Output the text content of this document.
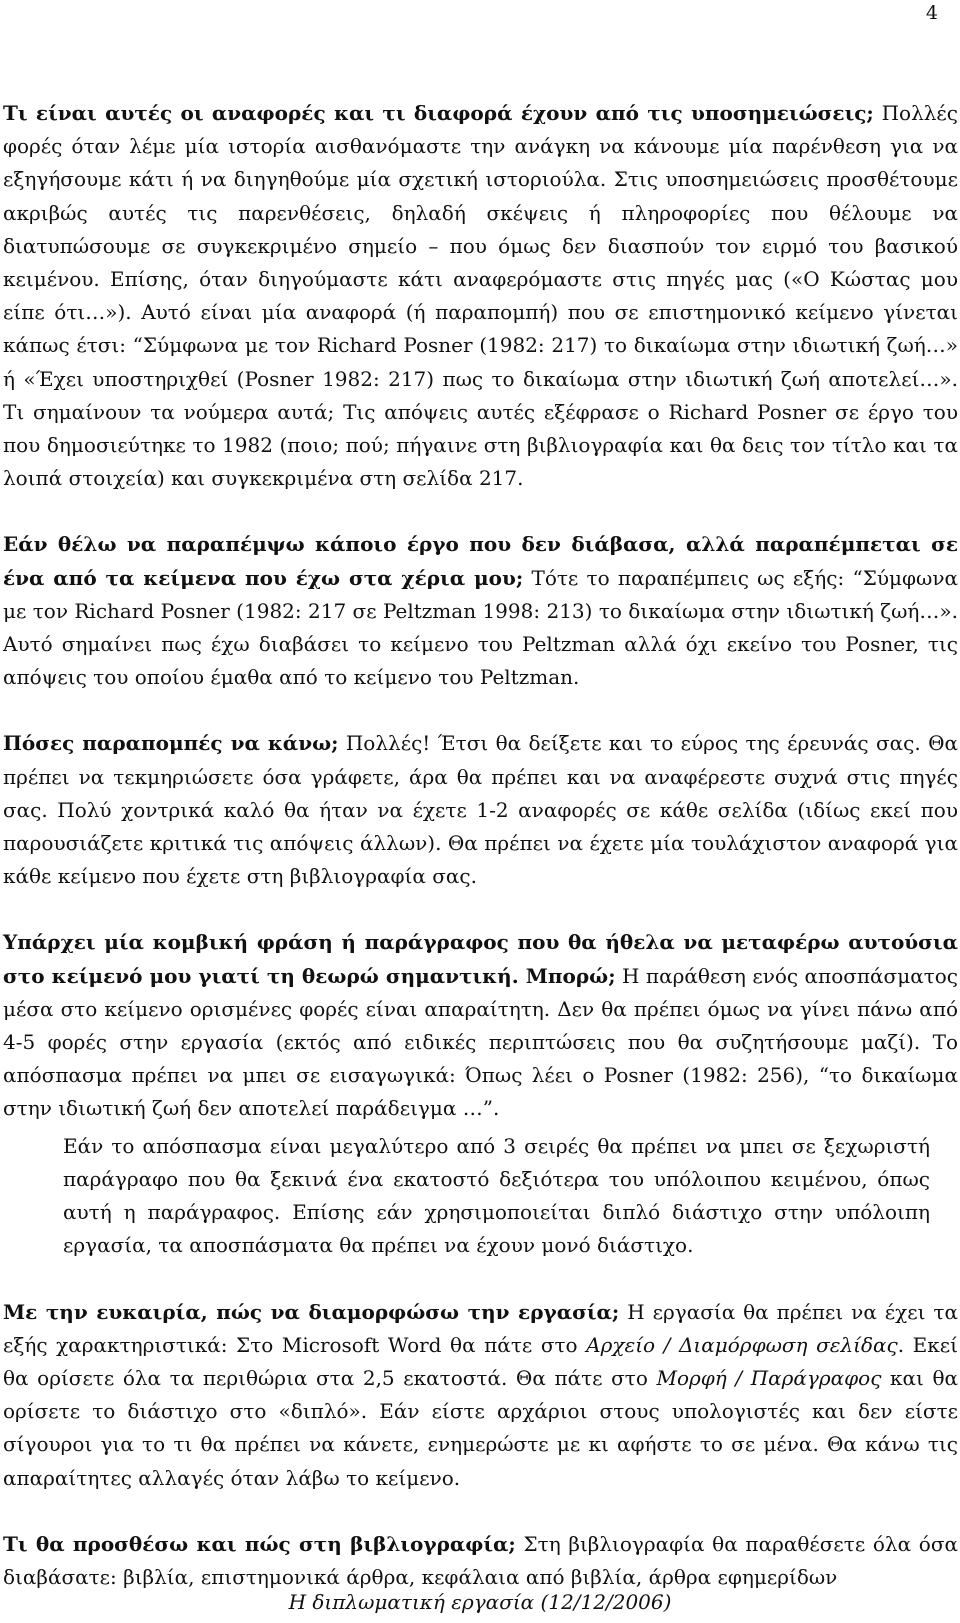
4

Τι είναι αυτές οι αναφορές και τι διαφορά έχουν από τις υποσημειώσεις; Πολλές φορές όταν λέμε μία ιστορία αισθανόμαστε την ανάγκη να κάνουμε μία παρένθεση για να εξηγήσουμε κάτι ή να διηγηθούμε μία σχετική ιστοριούλα. Στις υποσημειώσεις προσθέτουμε ακριβώς αυτές τις παρενθέσεις, δηλαδή σκέψεις ή πληροφορίες που θέλουμε να διατυπώσουμε σε συγκεκριμένο σημείο – που όμως δεν διασπούν τον ειρμό του βασικού κειμένου. Επίσης, όταν διηγούμαστε κάτι αναφερόμαστε στις πηγές μας («Ο Κώστας μου είπε ότι…»). Αυτό είναι μία αναφορά (ή παραπομπή) που σε επιστημονικό κείμενο γίνεται κάπως έτσι: “Σύμφωνα με τον Richard Posner (1982: 217) το δικαίωμα στην ιδιωτική ζωή…» ή «Έχει υποστηριχθεί (Posner 1982: 217) πως το δικαίωμα στην ιδιωτική ζωή αποτελεί…». Τι σημαίνουν τα νούμερα αυτά; Τις απόψεις αυτές εξέφρασε ο Richard Posner σε έργο του που δημοσιεύτηκε το 1982 (ποιο; πού; πήγαινε στη βιβλιογραφία και θα δεις τον τίτλο και τα λοιπά στοιχεία) και συγκεκριμένα στη σελίδα 217.

Εάν θέλω να παραπέμψω κάποιο έργο που δεν διάβασα, αλλά παραπέμπεται σε ένα από τα κείμενα που έχω στα χέρια μου; Τότε το παραπέμπεις ως εξής: “Σύμφωνα με τον Richard Posner (1982: 217 σε Peltzman 1998: 213) το δικαίωμα στην ιδιωτική ζωή…». Αυτό σημαίνει πως έχω διαβάσει το κείμενο του Peltzman αλλά όχι εκείνο του Posner, τις απόψεις του οποίου έμαθα από το κείμενο του Peltzman.

Πόσες παραπομπές να κάνω; Πολλές! Έτσι θα δείξετε και το εύρος της έρευνάς σας. Θα πρέπει να τεκμηριώσετε όσα γράφετε, άρα θα πρέπει και να αναφέρεστε συχνά στις πηγές σας. Πολύ χοντρικά καλό θα ήταν να έχετε 1-2 αναφορές σε κάθε σελίδα (ιδίως εκεί που παρουσιάζετε κριτικά τις απόψεις άλλων). Θα πρέπει να έχετε μία τουλάχιστον αναφορά για κάθε κείμενο που έχετε στη βιβλιογραφία σας.

Υπάρχει μία κομβική φράση ή παράγραφος που θα ήθελα να μεταφέρω αυτούσια στο κείμενό μου γιατί τη θεωρώ σημαντική. Μπορώ; Η παράθεση ενός αποσπάσματος μέσα στο κείμενο ορισμένες φορές είναι απαραίτητη. Δεν θα πρέπει όμως να γίνει πάνω από 4-5 φορές στην εργασία (εκτός από ειδικές περιπτώσεις που θα συζητήσουμε μαζί). Το απόσπασμα πρέπει να μπει σε εισαγωγικά: Όπως λέει ο Posner (1982: 256), “το δικαίωμα στην ιδιωτική ζωή δεν αποτελεί παράδειγμα …”.

Εάν το απόσπασμα είναι μεγαλύτερο από 3 σειρές θα πρέπει να μπει σε ξεχωριστή παράγραφο που θα ξεκινά ένα εκατοστό δεξιότερα του υπόλοιπου κειμένου, όπως αυτή η παράγραφος. Επίσης εάν χρησιμοποιείται διπλό διάστιχο στην υπόλοιπη εργασία, τα αποσπάσματα θα πρέπει να έχουν μονό διάστιχο.

Με την ευκαιρία, πώς να διαμορφώσω την εργασία; Η εργασία θα πρέπει να έχει τα εξής χαρακτηριστικά: Στο Microsoft Word θα πάτε στο Αρχείο / Διαμόρφωση σελίδας. Εκεί θα ορίσετε όλα τα περιθώρια στα 2,5 εκατοστά. Θα πάτε στο Μορφή / Παράγραφος και θα ορίσετε το διάστιχο στο «διπλό». Εάν είστε αρχάριοι στους υπολογιστές και δεν είστε σίγουροι για το τι θα πρέπει να κάνετε, ενημερώστε με κι αφήστε το σε μένα. Θα κάνω τις απαραίτητες αλλαγές όταν λάβω το κείμενο.

Τι θα προσθέσω και πώς στη βιβλιογραφία; Στη βιβλιογραφία θα παραθέσετε όλα όσα διαβάσατε: βιβλία, επιστημονικά άρθρα, κεφάλαια από βιβλία, άρθρα εφημερίδων

Η διπλωματική εργασία (12/12/2006)
